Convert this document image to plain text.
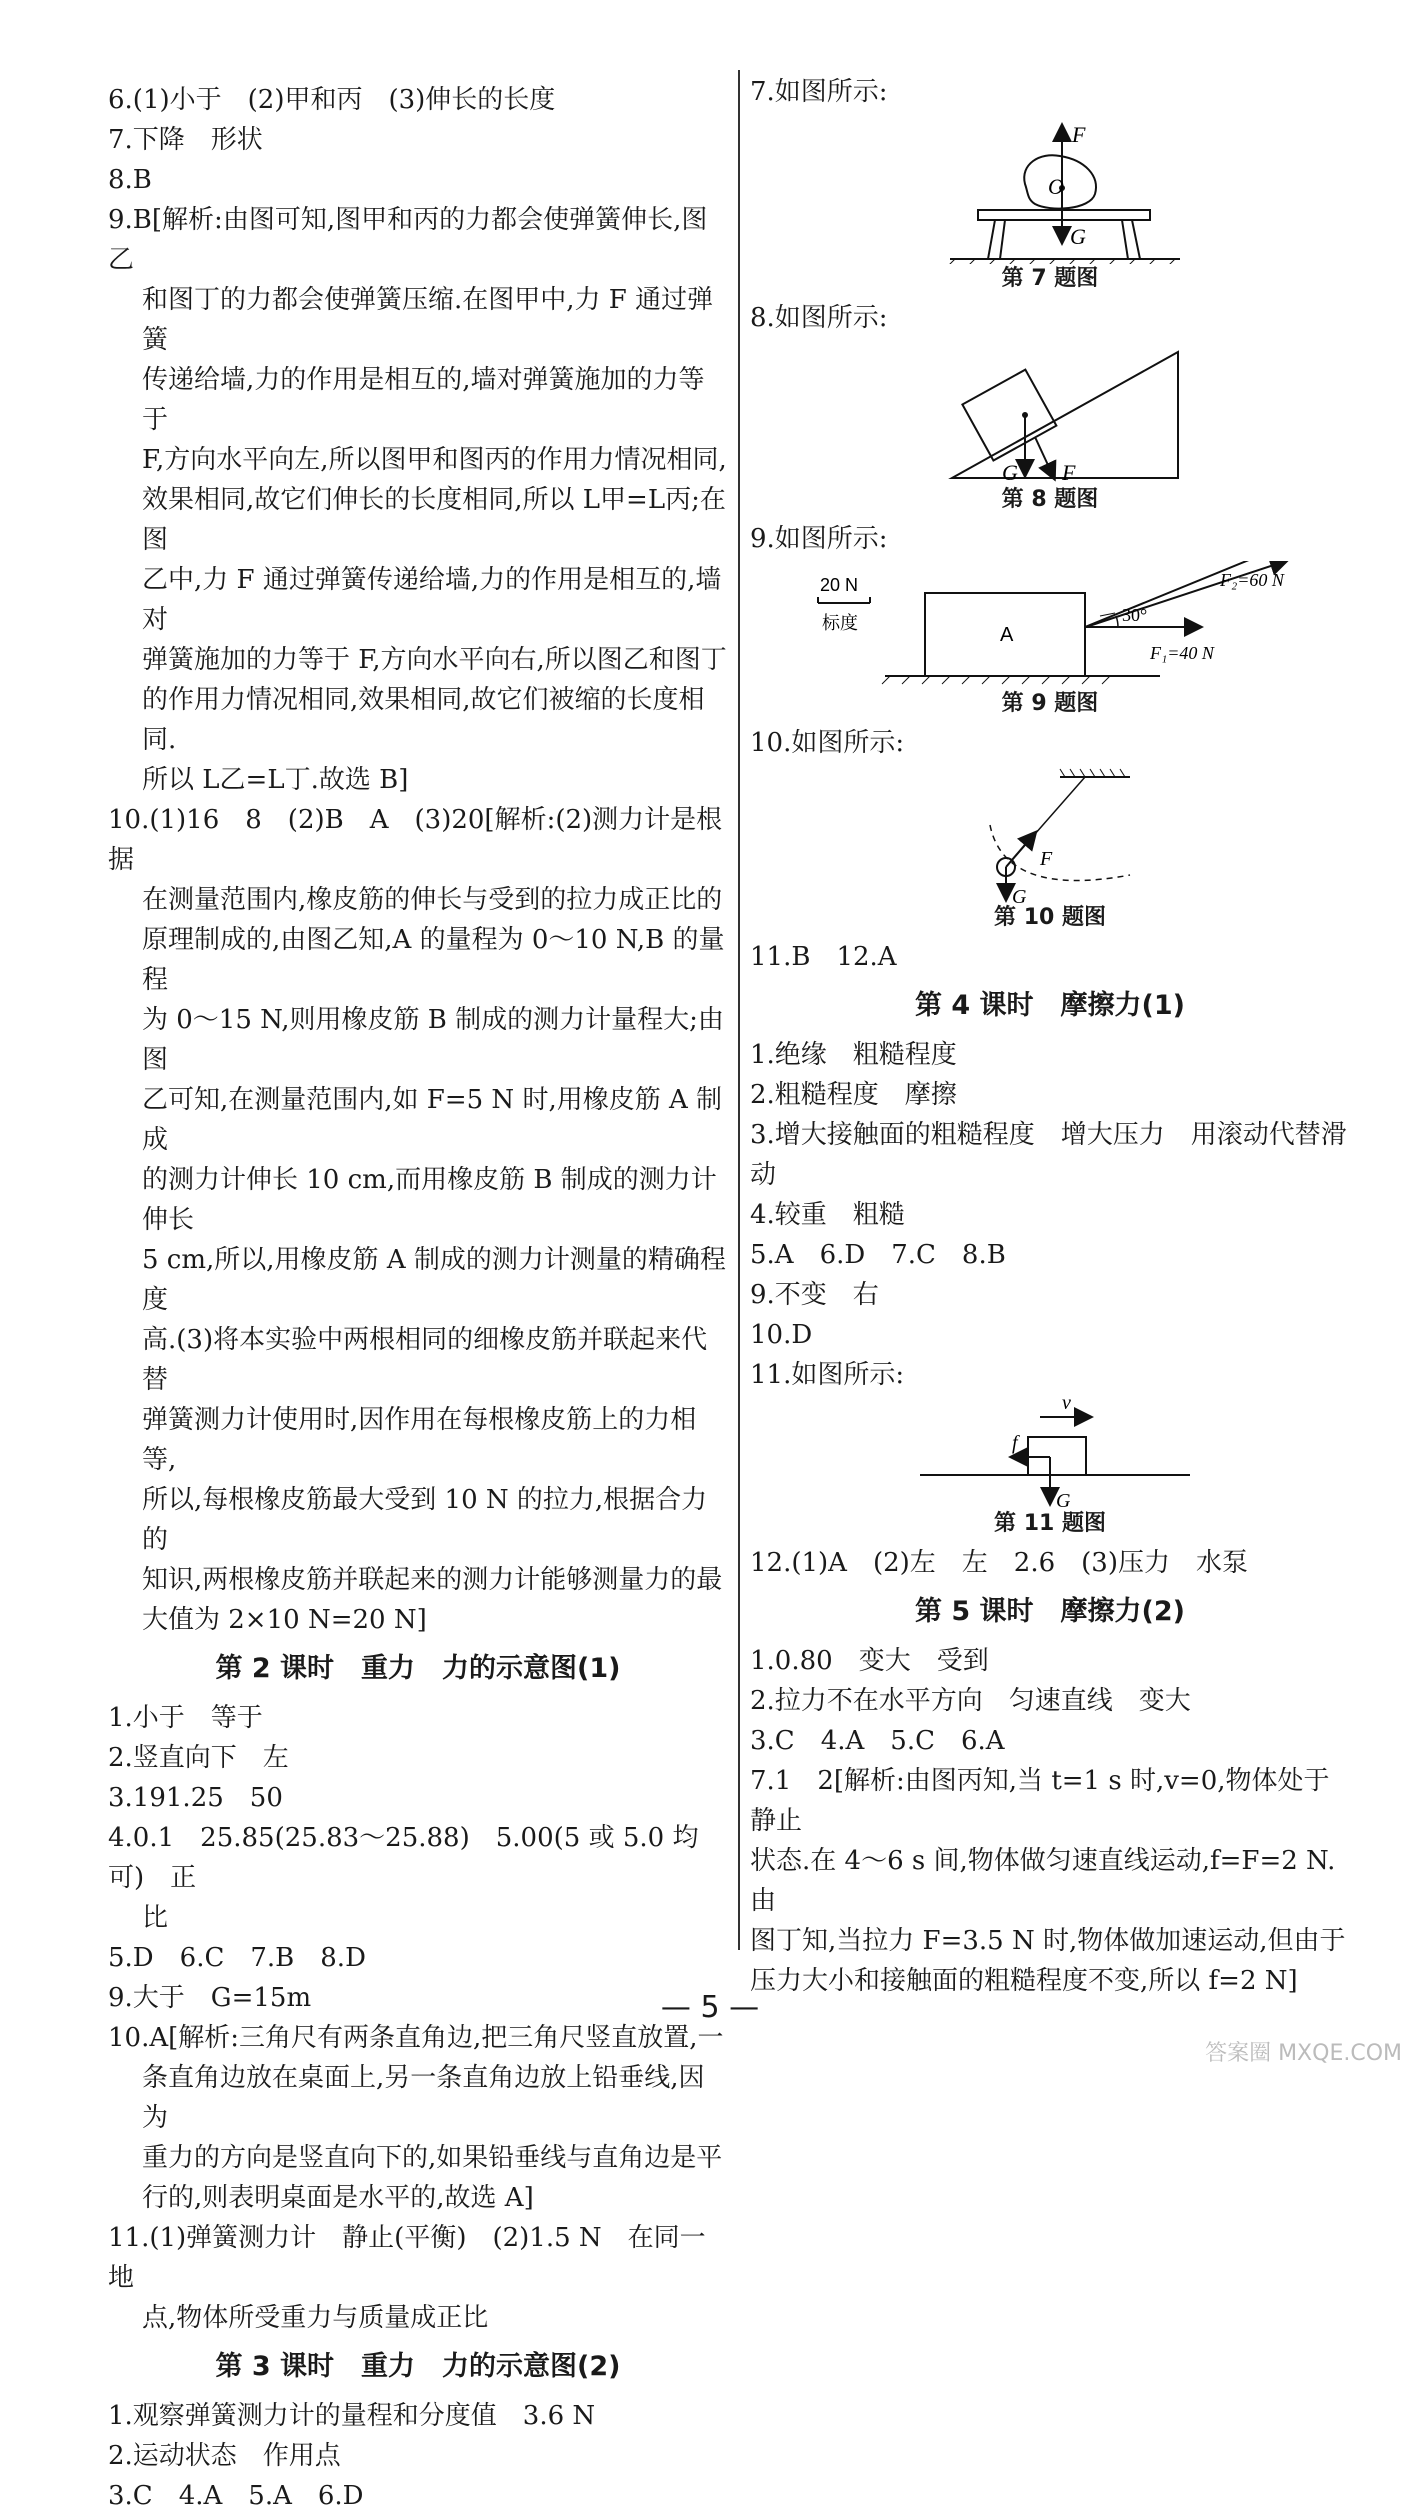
6.(1)小于　(2)甲和丙　(3)伸长的长度

7.下降　形状

8.B

9.B[解析:由图可知,图甲和丙的力都会使弹簧伸长,图乙

和图丁的力都会使弹簧压缩.在图甲中,力 F 通过弹簧

传递给墙,力的作用是相互的,墙对弹簧施加的力等于

F,方向水平向左,所以图甲和图丙的作用力情况相同,

效果相同,故它们伸长的长度相同,所以 L甲=L丙;在图

乙中,力 F 通过弹簧传递给墙,力的作用是相互的,墙对

弹簧施加的力等于 F,方向水平向右,所以图乙和图丁

的作用力情况相同,效果相同,故它们被缩的长度相同.

所以 L乙=L丁.故选 B]

10.(1)16　8　(2)B　A　(3)20[解析:(2)测力计是根据

在测量范围内,橡皮筋的伸长与受到的拉力成正比的

原理制成的,由图乙知,A 的量程为 0～10 N,B 的量程

为 0～15 N,则用橡皮筋 B 制成的测力计量程大;由图

乙可知,在测量范围内,如 F=5 N 时,用橡皮筋 A 制成

的测力计伸长 10 cm,而用橡皮筋 B 制成的测力计伸长

5 cm,所以,用橡皮筋 A 制成的测力计测量的精确程度

高.(3)将本实验中两根相同的细橡皮筋并联起来代替

弹簧测力计使用时,因作用在每根橡皮筋上的力相等,

所以,每根橡皮筋最大受到 10 N 的拉力,根据合力的

知识,两根橡皮筋并联起来的测力计能够测量力的最

大值为 2×10 N=20 N]

第 2 课时　重力　力的示意图(1)

1.小于　等于

2.竖直向下　左

3.191.25　50

4.0.1　25.85(25.83～25.88)　5.00(5 或 5.0 均可)　正

比

5.D　6.C　7.B　8.D

9.大于　G=15m

10.A[解析:三角尺有两条直角边,把三角尺竖直放置,一

条直角边放在桌面上,另一条直角边放上铅垂线,因为

重力的方向是竖直向下的,如果铅垂线与直角边是平

行的,则表明桌面是水平的,故选 A]

11.(1)弹簧测力计　静止(平衡)　(2)1.5 N　在同一地

点,物体所受重力与质量成正比

第 3 课时　重力　力的示意图(2)

1.观察弹簧测力计的量程和分度值　3.6 N

2.运动状态　作用点

3.C　4.A　5.A　6.D

7.如图所示:

F
O
G
第 7 题图

8.如图所示:

G F
第 8 题图

9.如图所示:

A
30°
F₂=60 N
F₁=40 N
20 N
标度
第 9 题图

10.如图所示:

F
G
第 10 题图

11.B　12.A

第 4 课时　摩擦力(1)

1.绝缘　粗糙程度

2.粗糙程度　摩擦

3.增大接触面的粗糙程度　增大压力　用滚动代替滑动

4.较重　粗糙

5.A　6.D　7.C　8.B

9.不变　右

10.D

11.如图所示:

v
f
G
第 11 题图

12.(1)A　(2)左　左　2.6　(3)压力　水泵

第 5 课时　摩擦力(2)

1.0.80　变大　受到

2.拉力不在水平方向　匀速直线　变大

3.C　4.A　5.C　6.A

7.1　2[解析:由图丙知,当 t=1 s 时,v=0,物体处于静止

状态.在 4～6 s 间,物体做匀速直线运动,f=F=2 N.由

图丁知,当拉力 F=3.5 N 时,物体做加速运动,但由于

压力大小和接触面的粗糙程度不变,所以 f=2 N]

— 5 —
答案圈 MXQE.COM
